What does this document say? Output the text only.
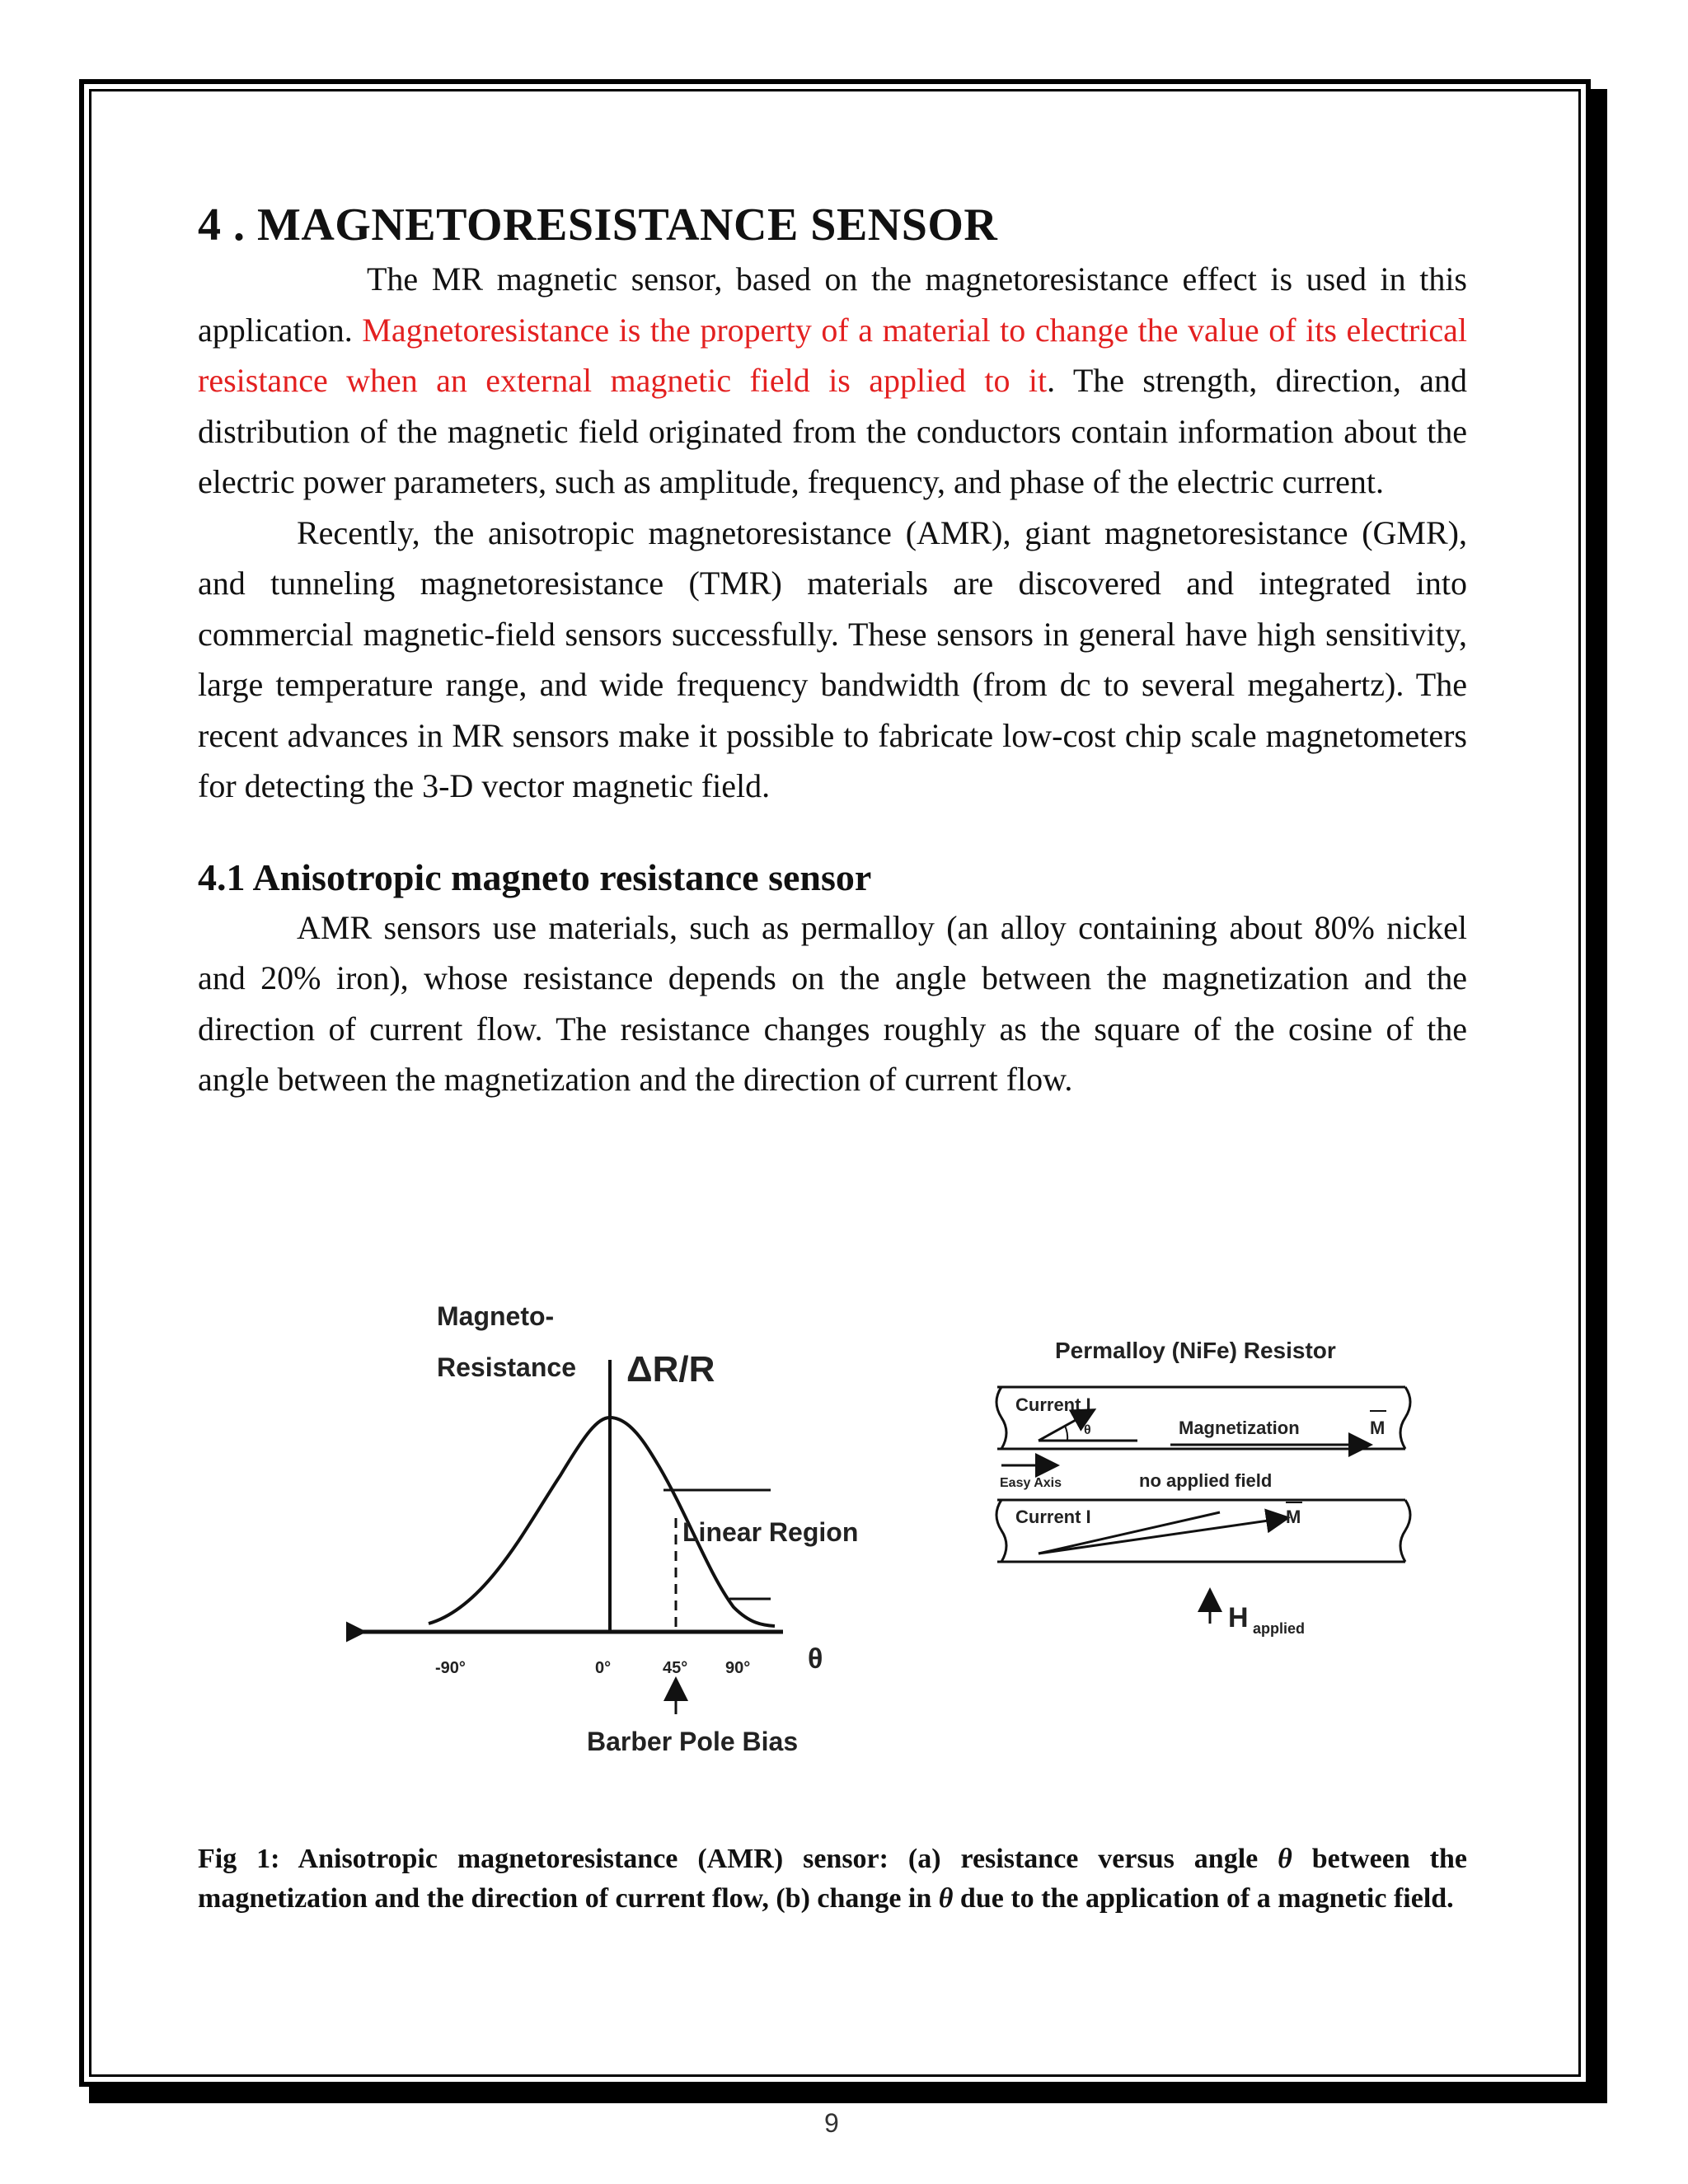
4 . MAGNETORESISTANCE SENSOR

The MR magnetic sensor, based on the magnetoresistance effect is used in this application. Magnetoresistance is the property of a material to change the value of its electrical resistance when an external magnetic field is applied to it. The strength, direction, and distribution of the magnetic field originated from the conductors contain information about the electric power parameters, such as amplitude, frequency, and phase of the electric current.

Recently, the anisotropic magnetoresistance (AMR), giant magnetoresistance (GMR), and tunneling magnetoresistance (TMR) materials are discovered and integrated into commercial magnetic-field sensors successfully. These sensors in general have high sensitivity, large temperature range, and wide frequency bandwidth (from dc to several megahertz). The recent advances in MR sensors make it possible to fabricate low-cost chip scale magnetometers for detecting the 3-D vector magnetic field.

4.1 Anisotropic magneto resistance sensor

AMR sensors use materials, such as permalloy (an alloy containing about 80% nickel and 20% iron), whose resistance depends on the angle between the magnetization and the direction of current flow. The resistance changes roughly as the square of the cosine of the angle between the magnetization and the direction of current flow.

Magneto-
Resistance ΔR/R
Linear Region
-90°	0°	45° 90° θ
Barber Pole Bias
Permalloy (NiFe) Resistor
Current I
θ	Magnetization	M
Easy Axis	no applied field
Current I	M
H applied
Fig 1: Anisotropic magnetoresistance (AMR) sensor: (a) resistance versus angle θ between the magnetization and the direction of current flow, (b) change in θ due to the application of a magnetic field.
9
